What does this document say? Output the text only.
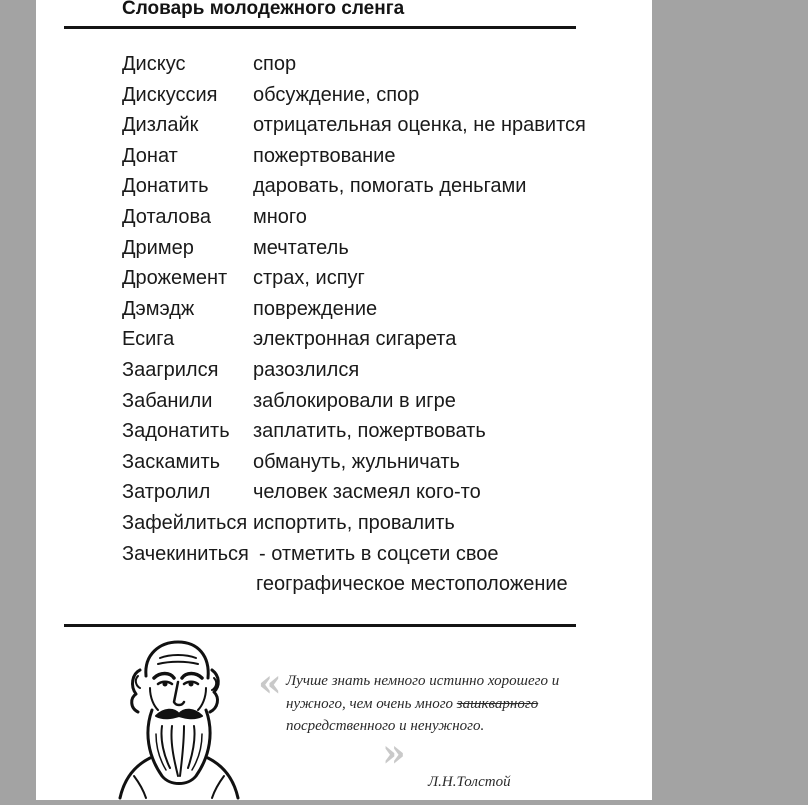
Словарь молодежного сленга
Дискус	спор
Дискуссия обсуждение, спор
Дизлайк	отрицательная оценка, не нравится
Донат	пожертвование
Донатить даровать, помогать деньгами
Доталова много
Дример	мечтатель
Дрожемент страх, испуг
Дэмэдж	повреждение
Есига	электронная сигарета
Заагрился разозлился
Забанили заблокировали в игре
Задонатить заплатить, пожертвовать
Заскамить обмануть, жульничать
Затролил человек засмеял кого-то
Зафейлиться испортить, провалить
Зачекиниться - отметить в соцсети свое
географическое местоположение
« Лучше знать немного истинно хорошего и нужного, чем очень много зашкварного посредственного и ненужного.

»
Л.Н.Толстой
